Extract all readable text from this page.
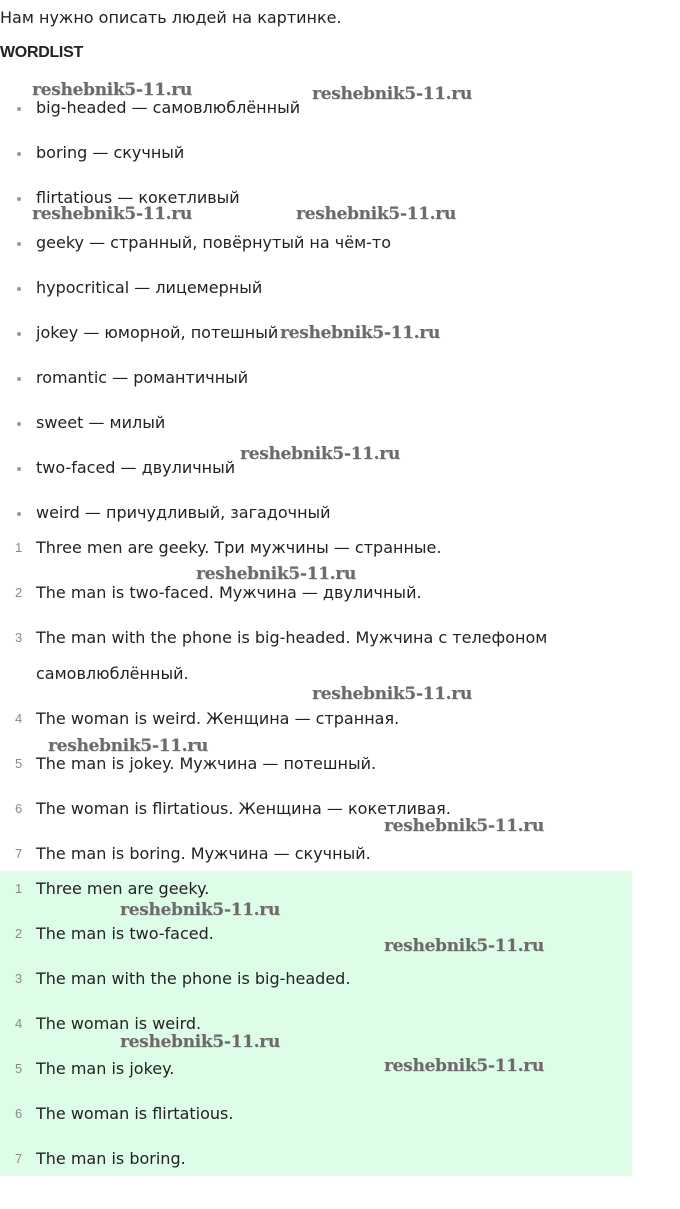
Нам нужно описать людей на картинке.
WORDLIST
big-headed — самовлюблённый
boring — скучный
flirtatious — кокетливый
geeky — странный, повёрнутый на чём-то
hypocritical — лицемерный
jokey — юморной, потешный
romantic — романтичный
sweet — милый
two-faced — двуличный
weird — причудливый, загадочный
1 Three men are geeky. Три мужчины — странные.
2 The man is two-faced. Мужчина — двуличный.
3 The man with the phone is big-headed. Мужчина с телефоном
самовлюблённый.
4 The woman is weird. Женщина — странная.
5 The man is jokey. Мужчина — потешный.
6 The woman is flirtatious. Женщина — кокетливая.
7 The man is boring. Мужчина — скучный.
1 Three men are geeky.
2 The man is two-faced.
3 The man with the phone is big-headed.
4 The woman is weird.
5 The man is jokey.
6 The woman is flirtatious.
7 The man is boring.
reshebnik5-11.ru	reshebnik5-11.ru
reshebnik5-11.ru	reshebnik5-11.ru
reshebnik5-11.ru
reshebnik5-11.ru
reshebnik5-11.ru
reshebnik5-11.ru
reshebnik5-11.ru
reshebnik5-11.ru
reshebnik5-11.ru
reshebnik5-11.ru
reshebnik5-11.ru
reshebnik5-11.ru
